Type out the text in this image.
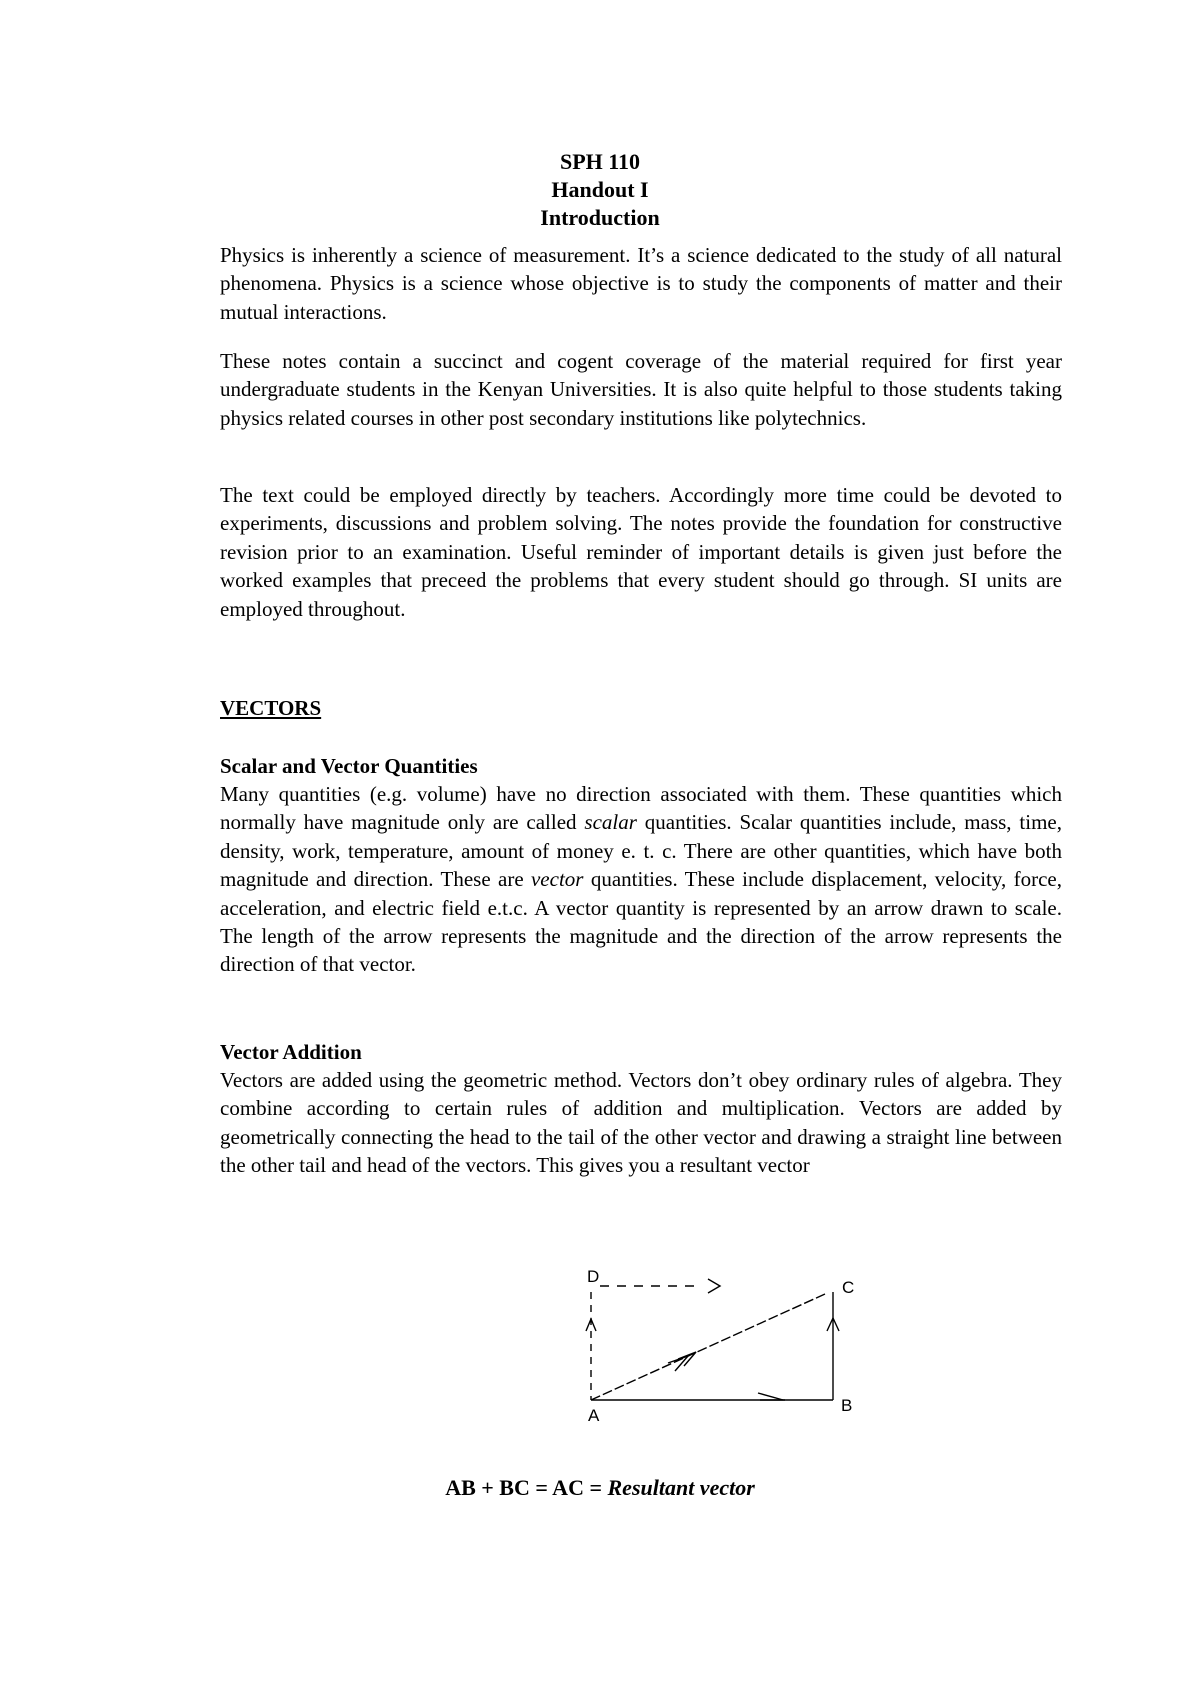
SPH 110
Handout I
Introduction

Physics is inherently a science of measurement. It’s a science dedicated to the study of all natural phenomena. Physics is a science whose objective is to study the components of matter and their mutual interactions.

These notes contain a succinct and cogent coverage of the material required for first year undergraduate students in the Kenyan Universities. It is also quite helpful to those students taking physics related courses in other post secondary institutions like polytechnics.

The text could be employed directly by teachers. Accordingly more time could be devoted to experiments, discussions and problem solving. The notes provide the foundation for constructive revision prior to an examination. Useful reminder of important details is given just before the worked examples that preceed the problems that every student should go through. SI units are employed throughout.

VECTORS

Scalar and Vector Quantities

Many quantities (e.g. volume) have no direction associated with them. These quantities which normally have magnitude only are called scalar quantities. Scalar quantities include, mass, time, density, work, temperature, amount of money e. t. c. There are other quantities, which have both magnitude and direction. These are vector quantities. These include displacement, velocity, force, acceleration, and electric field e.t.c. A vector quantity is represented by an arrow drawn to scale. The length of the arrow represents the magnitude and the direction of the arrow represents the direction of that vector.

Vector Addition

Vectors are added using the geometric method. Vectors don’t obey ordinary rules of algebra. They combine according to certain rules of addition and multiplication. Vectors are added by geometrically connecting the head to the tail of the other vector and drawing a straight line between the other tail and head of the vectors. This gives you a resultant vector

D
A
B
C
AB + BC = AC = Resultant vector
